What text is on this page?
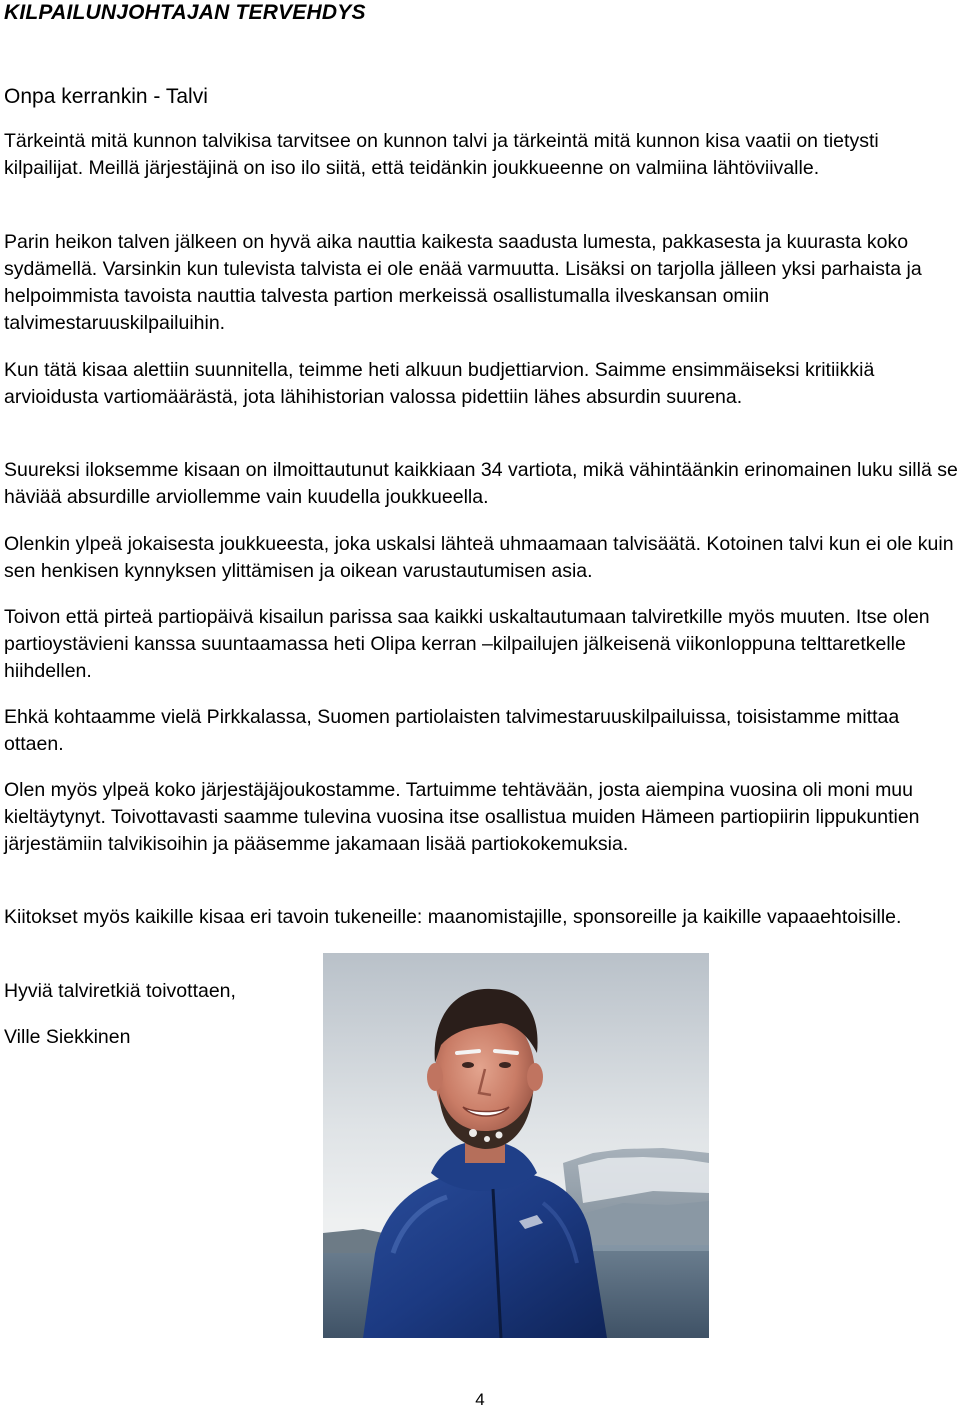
KILPAILUNJOHTAJAN TERVEHDYS
Onpa kerrankin - Talvi

Tärkeintä mitä kunnon talvikisa tarvitsee on kunnon talvi ja tärkeintä mitä kunnon kisa vaatii on tietysti kilpailijat. Meillä järjestäjinä on iso ilo siitä, että teidänkin joukkueenne on valmiina lähtöviivalle.

Parin heikon talven jälkeen on hyvä aika nauttia kaikesta saadusta lumesta, pakkasesta ja kuurasta koko sydämellä. Varsinkin kun tulevista talvista ei ole enää varmuutta. Lisäksi on tarjolla jälleen yksi parhaista ja helpoimmista tavoista nauttia talvesta partion merkeissä osallistumalla ilveskansan omiin talvimestaruuskilpailuihin.

Kun tätä kisaa alettiin suunnitella, teimme heti alkuun budjettiarvion. Saimme ensimmäiseksi kritiikkiä arvioidusta vartiomäärästä, jota lähihistorian valossa pidettiin lähes absurdin suurena.

Suureksi iloksemme kisaan on ilmoittautunut kaikkiaan 34 vartiota, mikä vähintäänkin erinomainen luku sillä se häviää absurdille arviollemme vain kuudella joukkueella.

Olenkin ylpeä jokaisesta joukkueesta, joka uskalsi lähteä uhmaamaan talvisäätä. Kotoinen talvi kun ei ole kuin sen henkisen kynnyksen ylittämisen ja oikean varustautumisen asia.

Toivon että pirteä partiopäivä kisailun parissa saa kaikki uskaltautumaan talviretkille myös muuten. Itse olen partioystävieni kanssa suuntaamassa heti Olipa kerran –kilpailujen jälkeisenä viikonloppuna telttaretkelle hiihdellen.

Ehkä kohtaamme vielä Pirkkalassa, Suomen partiolaisten talvimestaruuskilpailuissa, toisistamme mittaa ottaen.

Olen myös ylpeä koko järjestäjäjoukostamme. Tartuimme tehtävään, josta aiempina vuosina oli moni muu kieltäytynyt. Toivottavasti saamme tulevina vuosina itse osallistua muiden Hämeen partiopiirin lippukuntien järjestämiin talvikisoihin ja pääsemme jakamaan lisää partiokokemuksia.

Kiitokset myös kaikille kisaa eri tavoin tukeneille: maanomistajille, sponsoreille ja kaikille vapaaehtoisille.

Hyviä talviretkiä toivottaen,

Ville Siekkinen

4
